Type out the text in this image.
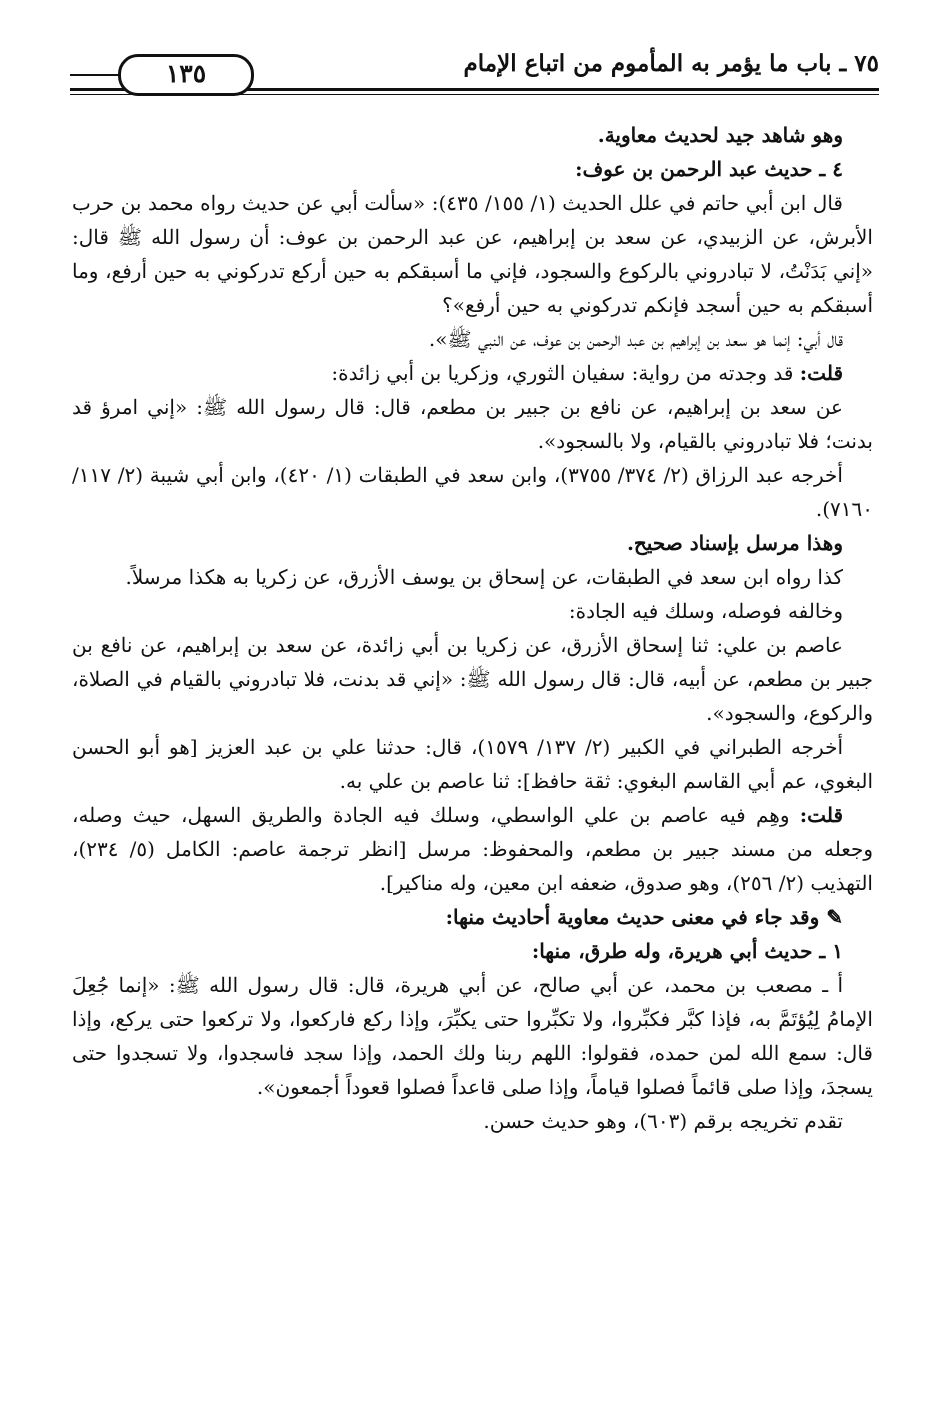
٧٥ ـ باب ما يؤمر به المأموم من اتباع الإمام
١٣٥

وهو شاهد جيد لحديث معاوية.

٤ ـ حديث عبد الرحمن بن عوف:

قال ابن أبي حاتم في علل الحديث (١/ ١٥٥/ ٤٣٥): «سألت أبي عن حديث رواه محمد بن حرب الأبرش، عن الزبيدي، عن سعد بن إبراهيم، عن عبد الرحمن بن عوف: أن رسول الله ﷺ قال: «إني بَدَنْتُ، لا تبادروني بالركوع والسجود، فإني ما أسبقكم به حين أركع تدركوني به حين أرفع، وما أسبقكم به حين أسجد فإنكم تدركوني به حين أرفع»؟

قال أبي: إنما هو سعد بن إبراهيم بن عبد الرحمن بن عوف، عن النبي ﷺ».

قلت: قد وجدته من رواية: سفيان الثوري، وزكريا بن أبي زائدة:

عن سعد بن إبراهيم، عن نافع بن جبير بن مطعم، قال: قال رسول الله ﷺ: «إني امرؤ قد بدنت؛ فلا تبادروني بالقيام، ولا بالسجود».

أخرجه عبد الرزاق (٢/ ٣٧٤/ ٣٧٥٥)، وابن سعد في الطبقات (١/ ٤٢٠)، وابن أبي شيبة (٢/ ١١٧/ ٧١٦٠).

وهذا مرسل بإسناد صحيح.

كذا رواه ابن سعد في الطبقات، عن إسحاق بن يوسف الأزرق، عن زكريا به هكذا مرسلاً.

وخالفه فوصله، وسلك فيه الجادة:

عاصم بن علي: ثنا إسحاق الأزرق، عن زكريا بن أبي زائدة، عن سعد بن إبراهيم، عن نافع بن جبير بن مطعم، عن أبيه، قال: قال رسول الله ﷺ: «إني قد بدنت، فلا تبادروني بالقيام في الصلاة، والركوع، والسجود».

أخرجه الطبراني في الكبير (٢/ ١٣٧/ ١٥٧٩)، قال: حدثنا علي بن عبد العزيز [هو أبو الحسن البغوي، عم أبي القاسم البغوي: ثقة حافظ]: ثنا عاصم بن علي به.

قلت: وهِم فيه عاصم بن علي الواسطي، وسلك فيه الجادة والطريق السهل، حيث وصله، وجعله من مسند جبير بن مطعم، والمحفوظ: مرسل [انظر ترجمة عاصم: الكامل (٥/ ٢٣٤)، التهذيب (٢/ ٢٥٦)، وهو صدوق، ضعفه ابن معين، وله مناكير].

✎ وقد جاء في معنى حديث معاوية أحاديث منها:

١ ـ حديث أبي هريرة، وله طرق، منها:

أ ـ مصعب بن محمد، عن أبي صالح، عن أبي هريرة، قال: قال رسول الله ﷺ: «إنما جُعِلَ الإمامُ لِيُؤتَمَّ به، فإذا كبَّر فكبِّروا، ولا تكبِّروا حتى يكبِّرَ، وإذا ركع فاركعوا، ولا تركعوا حتى يركع، وإذا قال: سمع الله لمن حمده، فقولوا: اللهم ربنا ولك الحمد، وإذا سجد فاسجدوا، ولا تسجدوا حتى يسجدَ، وإذا صلى قائماً فصلوا قياماً، وإذا صلى قاعداً فصلوا قعوداً أجمعون».

تقدم تخريجه برقم (٦٠٣)، وهو حديث حسن.
